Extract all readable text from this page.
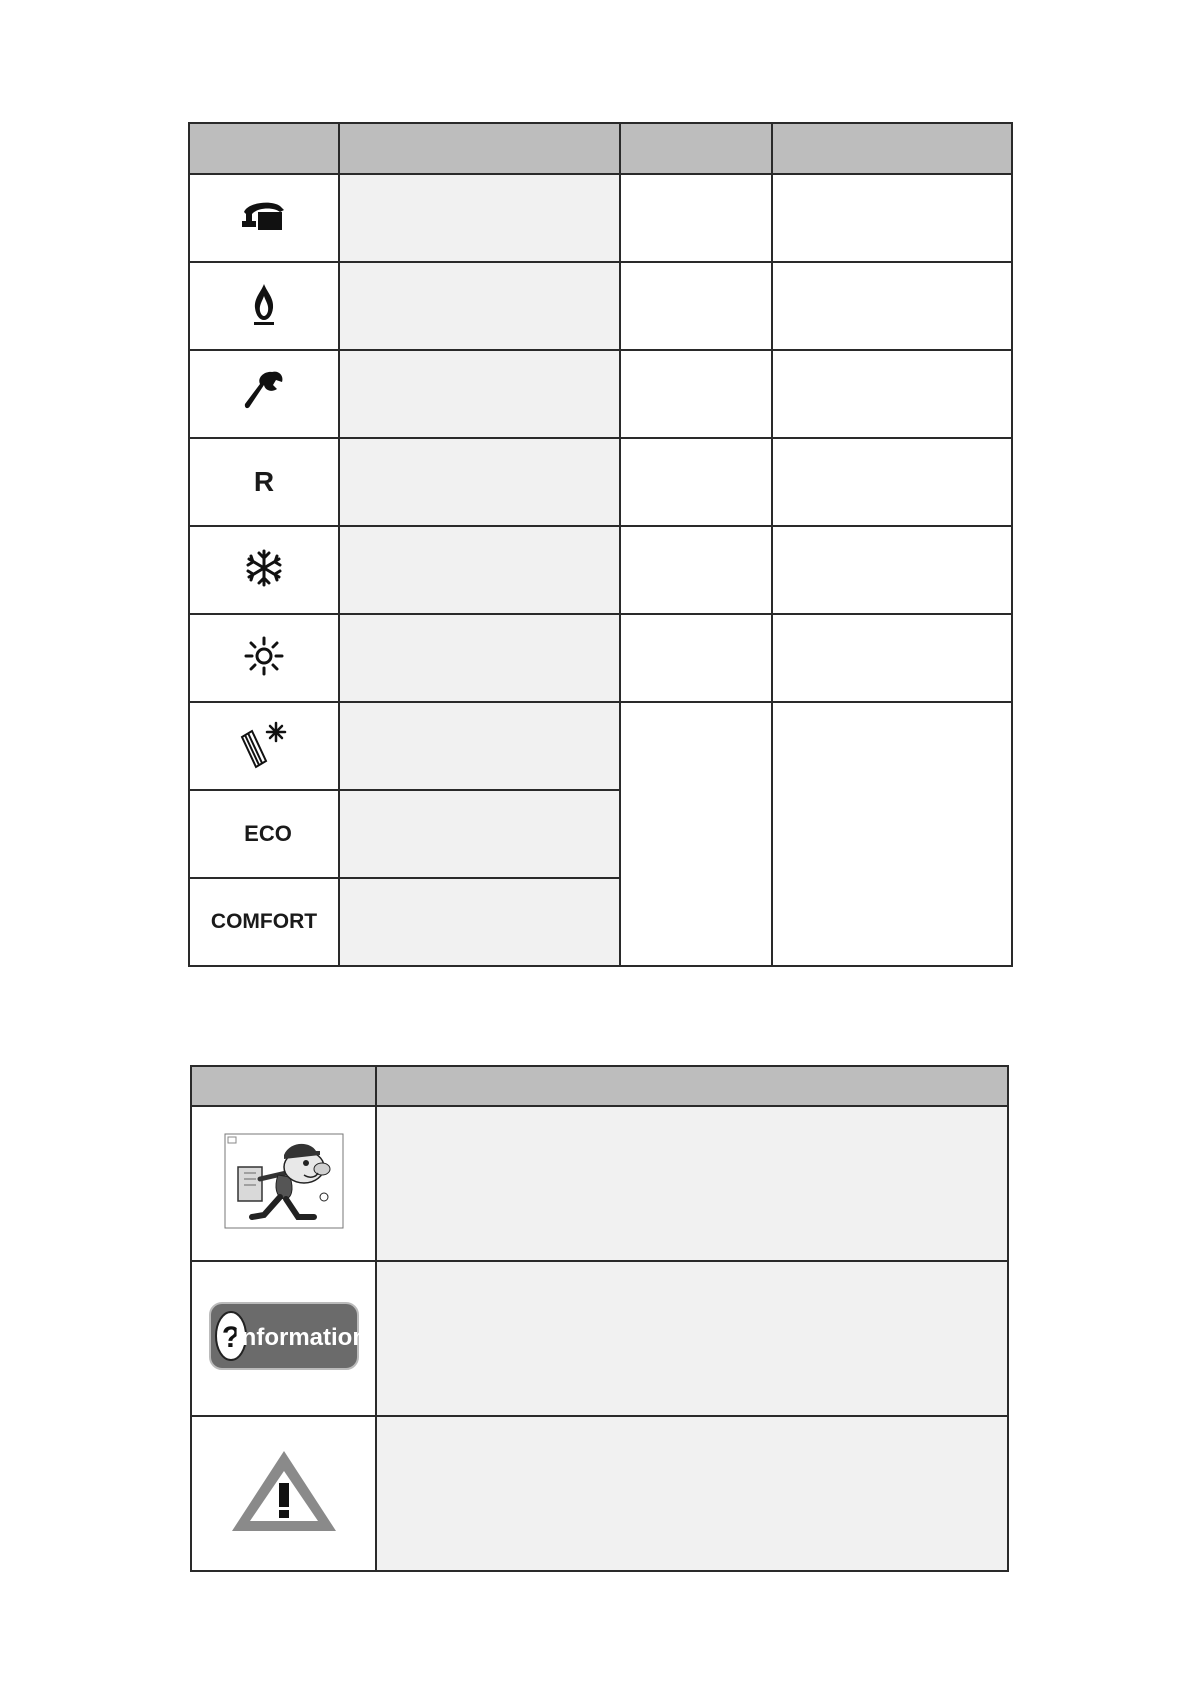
R			

ECO			
COMFORT			

?
Information	
